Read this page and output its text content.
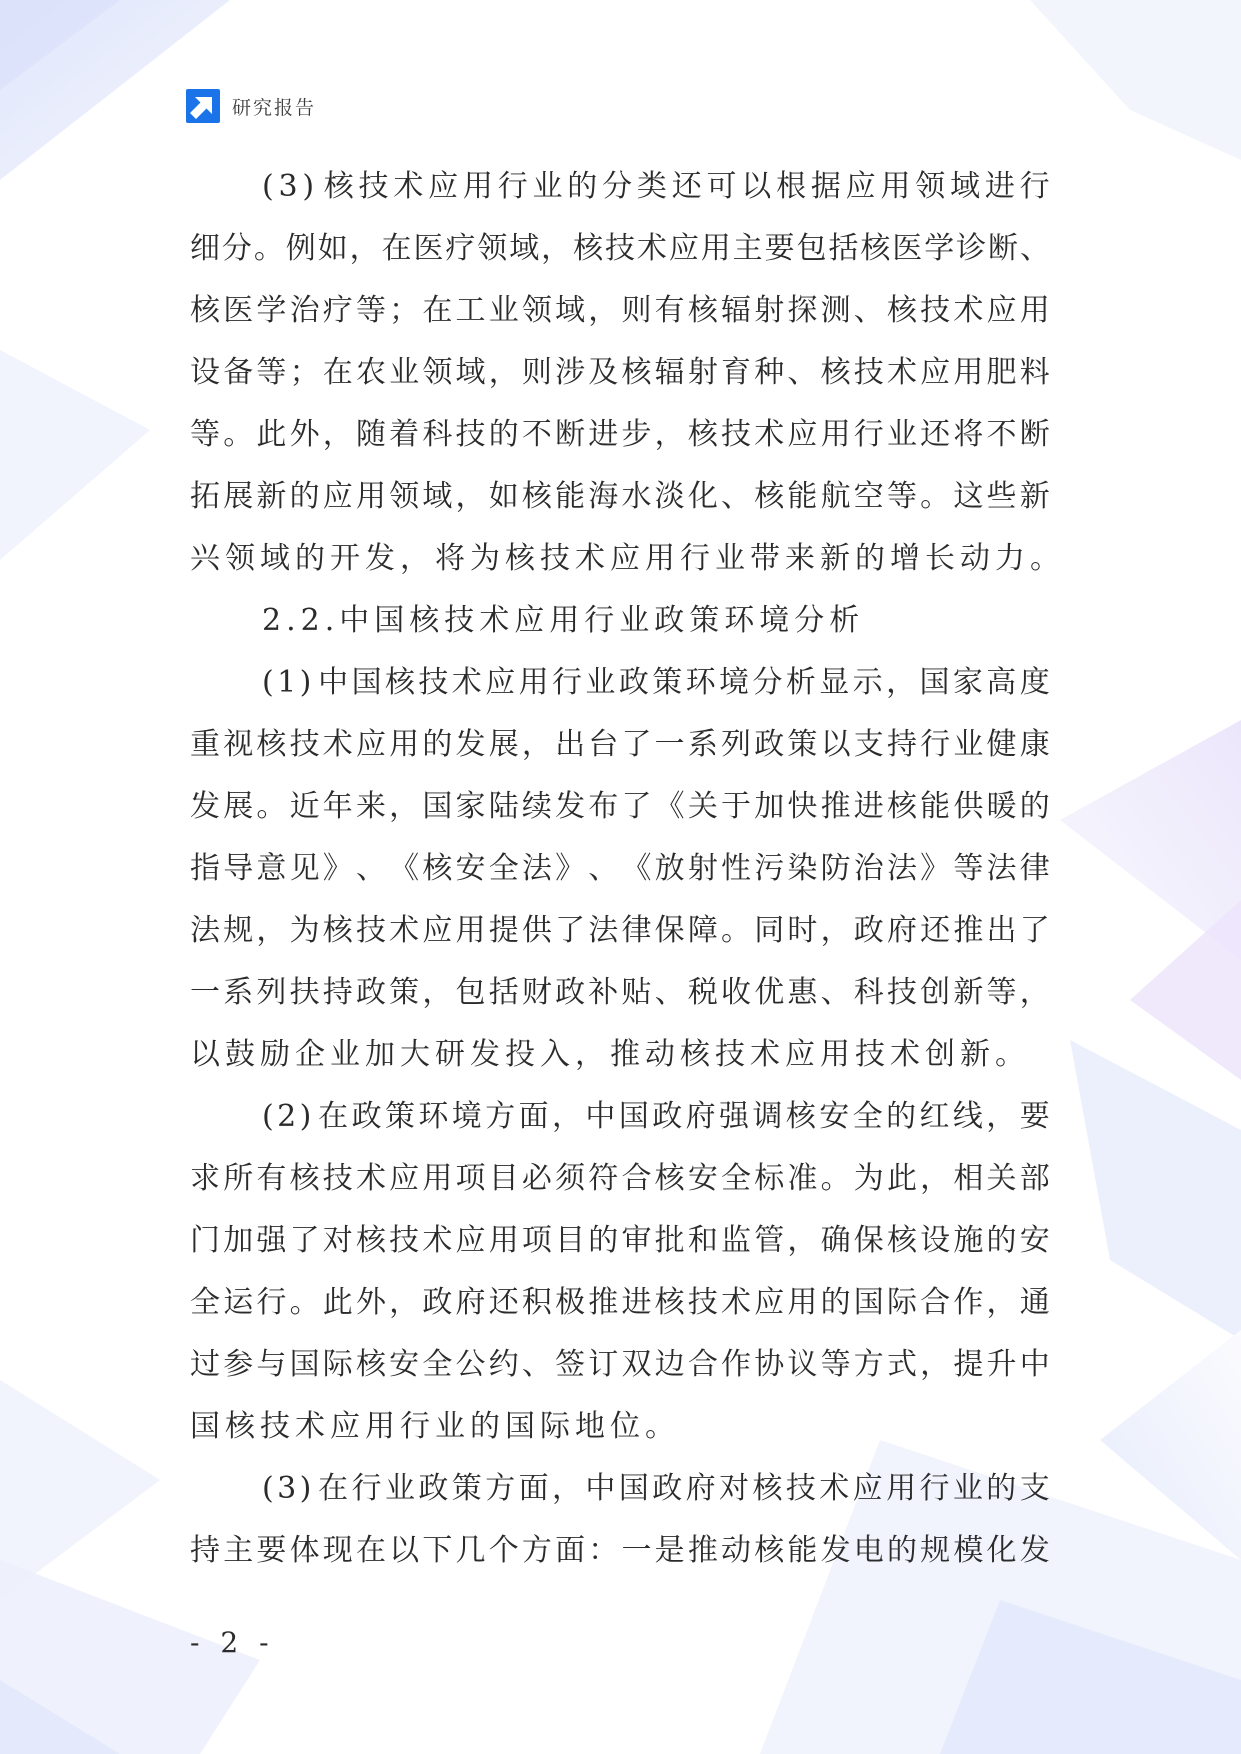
研究报告
( 3 ) 核 技 术 应 用 行 业 的 分 类 还 可 以 根 据 应 用 领 域 进 行
细 分 。 例 如 ， 在 医 疗 领 域 ， 核 技 术 应 用 主 要 包 括 核 医 学 诊 断 、
核 医 学 治 疗 等 ； 在 工 业 领 域 ， 则 有 核 辐 射 探 测 、 核 技 术 应 用
设 备 等 ； 在 农 业 领 域 ， 则 涉 及 核 辐 射 育 种 、 核 技 术 应 用 肥 料
等 。 此 外 ， 随 着 科 技 的 不 断 进 步 ， 核 技 术 应 用 行 业 还 将 不 断
拓 展 新 的 应 用 领 域 ， 如 核 能 海 水 淡 化 、 核 能 航 空 等 。 这 些 新
兴领域的开发，将为核技术应用行业带来新的增长动力。
2.2.中国核技术应用行业政策环境分析
( 1 ) 中 国 核 技 术 应 用 行 业 政 策 环 境 分 析 显 示 ， 国 家 高 度
重 视 核 技 术 应 用 的 发 展 ， 出 台 了 一 系 列 政 策 以 支 持 行 业 健 康
发 展 。 近 年 来 ， 国 家 陆 续 发 布 了 《 关 于 加 快 推 进 核 能 供 暖 的
指 导 意 见 》 、 《 核 安 全 法 》 、 《 放 射 性 污 染 防 治 法 》 等 法 律
法 规 ， 为 核 技 术 应 用 提 供 了 法 律 保 障 。 同 时 ， 政 府 还 推 出 了
一 系 列 扶 持 政 策 ， 包 括 财 政 补 贴 、 税 收 优 惠 、 科 技 创 新 等 ，
以鼓励企业加大研发投入，推动核技术应用技术创新。
( 2 ) 在 政 策 环 境 方 面 ， 中 国 政 府 强 调 核 安 全 的 红 线 ， 要
求 所 有 核 技 术 应 用 项 目 必 须 符 合 核 安 全 标 准 。 为 此 ， 相 关 部
门 加 强 了 对 核 技 术 应 用 项 目 的 审 批 和 监 管 ， 确 保 核 设 施 的 安
全 运 行 。 此 外 ， 政 府 还 积 极 推 进 核 技 术 应 用 的 国 际 合 作 ， 通
过 参 与 国 际 核 安 全 公 约 、 签 订 双 边 合 作 协 议 等 方 式 ， 提 升 中
国核技术应用行业的国际地位。
( 3 ) 在 行 业 政 策 方 面 ， 中 国 政 府 对 核 技 术 应 用 行 业 的 支
持 主 要 体 现 在 以 下 几 个 方 面 ： 一 是 推 动 核 能 发 电 的 规 模 化 发
- 2 -
